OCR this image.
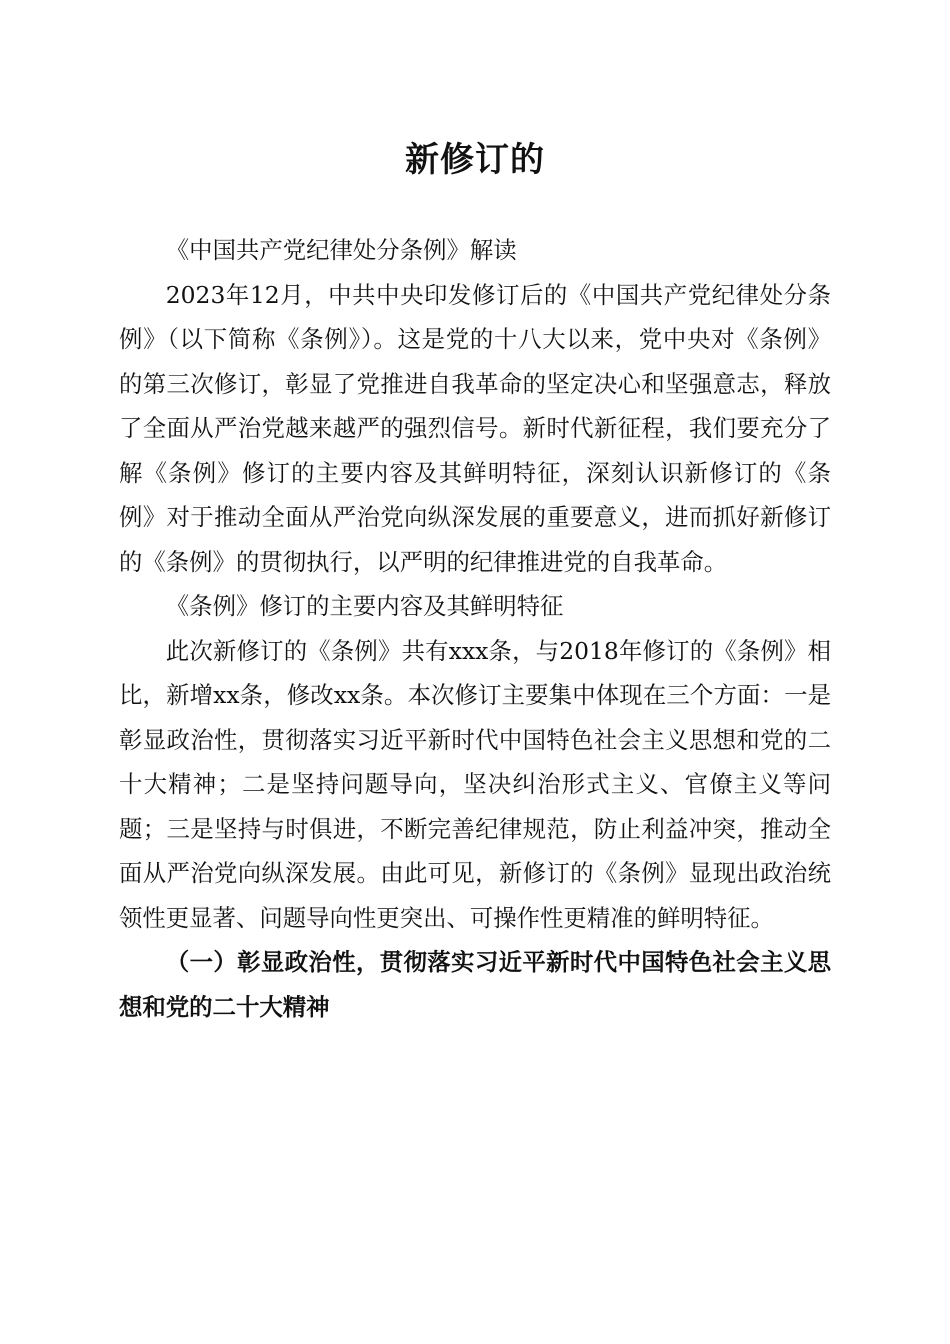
新修订的

《中国共产党纪律处分条例》解读

2023年12月，中共中央印发修订后的《中国共产党纪律处分条例》（以下简称《条例》）。这是党的十八大以来，党中央对《条例》的第三次修订，彰显了党推进自我革命的坚定决心和坚强意志，释放了全面从严治党越来越严的强烈信号。新时代新征程，我们要充分了解《条例》修订的主要内容及其鲜明特征，深刻认识新修订的《条例》对于推动全面从严治党向纵深发展的重要意义，进而抓好新修订的《条例》的贯彻执行，以严明的纪律推进党的自我革命。

《条例》修订的主要内容及其鲜明特征

此次新修订的《条例》共有xxx条，与2018年修订的《条例》相比，新增xx条，修改xx条。本次修订主要集中体现在三个方面：一是彰显政治性，贯彻落实习近平新时代中国特色社会主义思想和党的二十大精神；二是坚持问题导向，坚决纠治形式主义、官僚主义等问题；三是坚持与时俱进，不断完善纪律规范，防止利益冲突，推动全面从严治党向纵深发展。由此可见，新修订的《条例》显现出政治统领性更显著、问题导向性更突出、可操作性更精准的鲜明特征。

（一）彰显政治性，贯彻落实习近平新时代中国特色社会主义思想和党的二十大精神
